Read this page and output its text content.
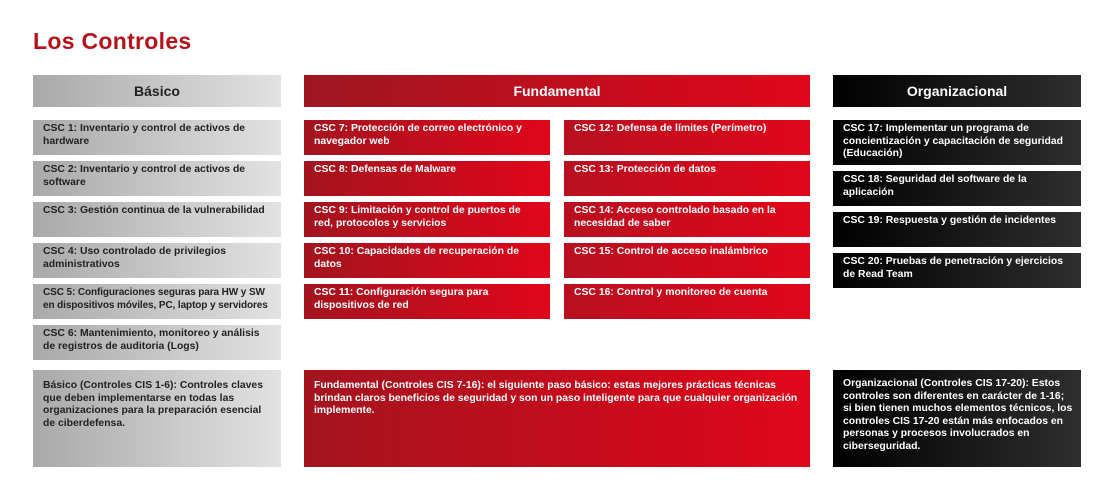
Los Controles
Básico	Fundamental	Organizacional
CSC 1: Inventario y control de activos de hardware
CSC 2: Inventario y control de activos de software
CSC 3: Gestión continua de la vulnerabilidad
CSC 4: Uso controlado de privilegios administrativos
CSC 5: Configuraciones seguras para HW y SW en dispositivos móviles, PC, laptop y servidores
CSC 6: Mantenimiento, monitoreo y análisis de registros de auditoria (Logs)
CSC 7: Protección de correo electrónico y navegador web
CSC 8: Defensas de Malware
CSC 9: Limitación y control de puertos de red, protocolos y servicios
CSC 10: Capacidades de recuperación de datos
CSC 11: Configuración segura para dispositivos de red
CSC 12: Defensa de límites (Perímetro)
CSC 13: Protección de datos
CSC 14: Acceso controlado basado en la necesidad de saber
CSC 15: Control de acceso inalámbrico
CSC 16: Control y monitoreo de cuenta
CSC 17: Implementar un programa de concientización y capacitación de seguridad (Educación)
CSC 18: Seguridad del software de la aplicación
CSC 19: Respuesta y gestión de incidentes
CSC 20: Pruebas de penetración y ejercicios de Read Team
Básico (Controles CIS 1-6): Controles claves que deben implementarse en todas las organizaciones para la preparación esencial de ciberdefensa.
Fundamental (Controles CIS 7-16): el siguiente paso básico: estas mejores prácticas técnicas brindan claros beneficios de seguridad y son un paso inteligente para que cualquier organización implemente.
Organizacional (Controles CIS 17-20): Estos controles son diferentes en carácter de 1-16; si bien tienen muchos elementos técnicos, los controles CIS 17-20 están más enfocados en personas y procesos involucrados en ciberseguridad.
